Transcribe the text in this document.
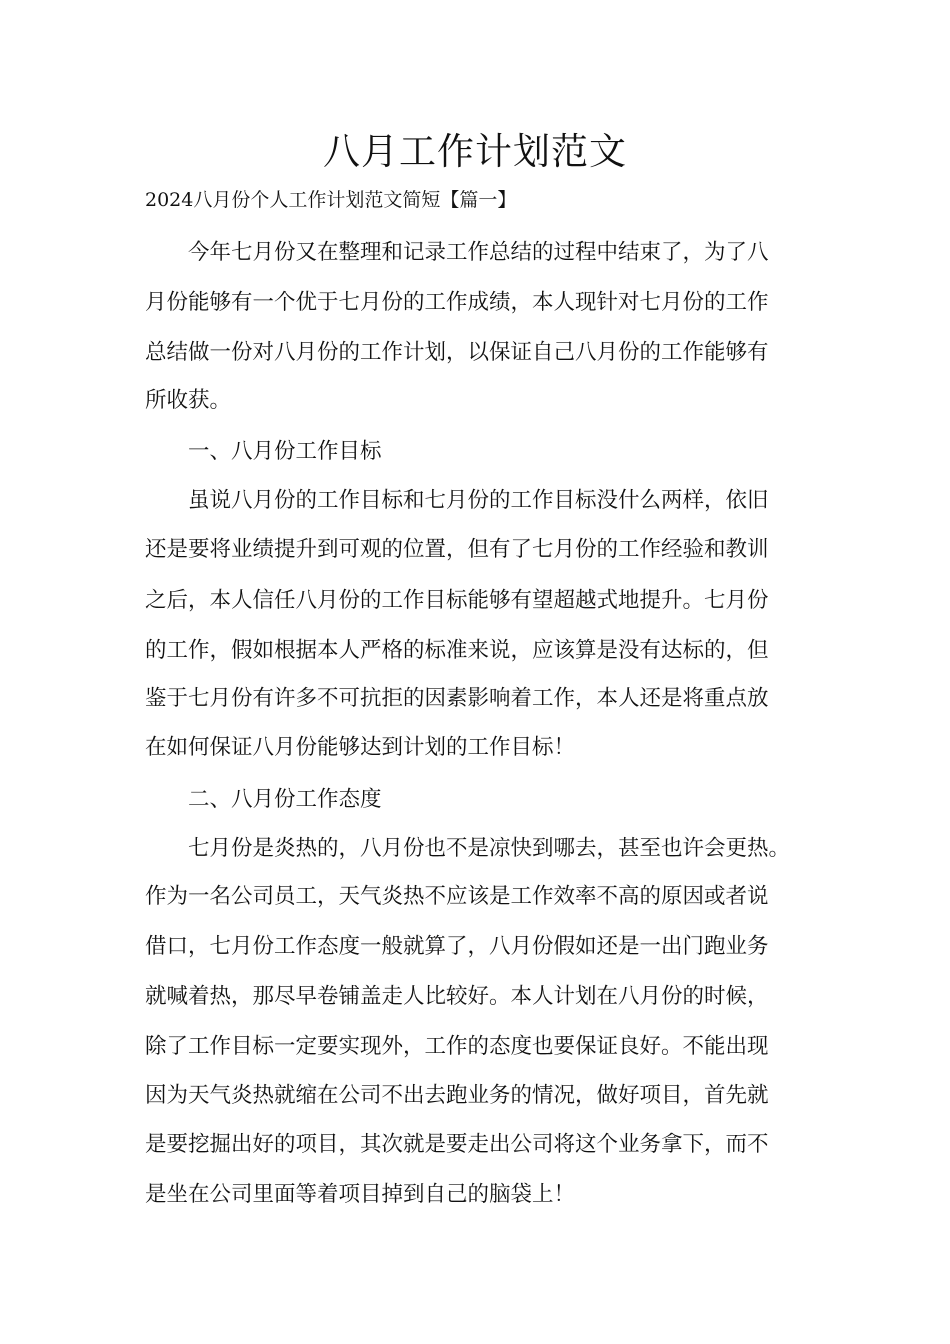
八月工作计划范文
2024八月份个人工作计划范文简短【篇一】
今年七月份又在整理和记录工作总结的过程中结束了，为了八
月份能够有一个优于七月份的工作成绩，本人现针对七月份的工作
总结做一份对八月份的工作计划，以保证自己八月份的工作能够有
所收获。
一、八月份工作目标
虽说八月份的工作目标和七月份的工作目标没什么两样，依旧
还是要将业绩提升到可观的位置，但有了七月份的工作经验和教训
之后，本人信任八月份的工作目标能够有望超越式地提升。七月份
的工作，假如根据本人严格的标准来说，应该算是没有达标的，但
鉴于七月份有许多不可抗拒的因素影响着工作，本人还是将重点放
在如何保证八月份能够达到计划的工作目标！
二、八月份工作态度
七月份是炎热的，八月份也不是凉快到哪去，甚至也许会更热。
作为一名公司员工，天气炎热不应该是工作效率不高的原因或者说
借口，七月份工作态度一般就算了，八月份假如还是一出门跑业务
就喊着热，那尽早卷铺盖走人比较好。本人计划在八月份的时候，
除了工作目标一定要实现外，工作的态度也要保证良好。不能出现
因为天气炎热就缩在公司不出去跑业务的情况，做好项目，首先就
是要挖掘出好的项目，其次就是要走出公司将这个业务拿下，而不
是坐在公司里面等着项目掉到自己的脑袋上！
